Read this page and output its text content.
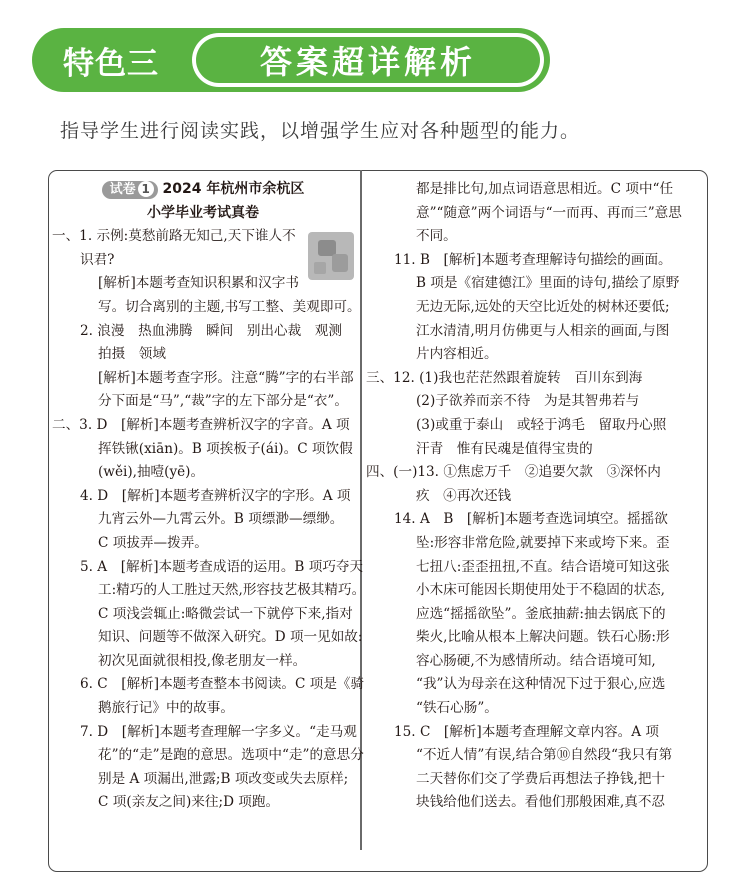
特色三	答案超详解析
指导学生进行阅读实践，以增强学生应对各种题型的能力。
试卷 1 2024 年杭州市余杭区
小学毕业考试真卷
一、1. 示例:莫愁前路无知己,天下谁人不
识君?
[解析]本题考查知识积累和汉字书
写。切合离别的主题,书写工整、美观即可。
2. 浪漫　热血沸腾　瞬间　别出心裁　观测
拍摄　领域
[解析]本题考查字形。注意“腾”字的右半部
分下面是“马”,“裁”字的左下部分是“衣”。
二、3. D　[解析]本题考查辨析汉字的字音。A 项
挥铁锹(xiān)。B 项挨板子(ái)。C 项饮假
(wěi),抽噎(yē)。
4. D　[解析]本题考查辨析汉字的字形。A 项
九宵云外—九霄云外。B 项缥渺—缥缈。
C 项拔弄—拨弄。
5. A　[解析]本题考查成语的运用。B 项巧夺天
工:精巧的人工胜过天然,形容技艺极其精巧。
C 项浅尝辄止:略微尝试一下就停下来,指对
知识、问题等不做深入研究。D 项一见如故:
初次见面就很相投,像老朋友一样。
6. C　[解析]本题考查整本书阅读。C 项是《骑
鹅旅行记》中的故事。
7. D　[解析]本题考查理解一字多义。“走马观
花”的“走”是跑的意思。选项中“走”的意思分
别是 A 项漏出,泄露;B 项改变或失去原样;
C 项(亲友之间)来往;D 项跑。
都是排比句,加点词语意思相近。C 项中“任
意”“随意”两个词语与“一而再、再而三”意思
不同。
11. B　[解析]本题考查理解诗句描绘的画面。
B 项是《宿建德江》里面的诗句,描绘了原野
无边无际,远处的天空比近处的树林还要低;
江水清清,明月仿佛更与人相亲的画面,与图
片内容相近。
三、12. (1)我也茫茫然跟着旋转　百川东到海
(2)子欲养而亲不待　为是其智弗若与
(3)或重于泰山　或轻于鸿毛　留取丹心照
汗青　惟有民魂是值得宝贵的
四、(一)13. ①焦虑万千　②追要欠款　③深怀内
疚　④再次还钱
14. A　B　[解析]本题考查选词填空。摇摇欲
坠:形容非常危险,就要掉下来或垮下来。歪
七扭八:歪歪扭扭,不直。结合语境可知这张
小木床可能因长期使用处于不稳固的状态,
应选“摇摇欲坠”。釜底抽薪:抽去锅底下的
柴火,比喻从根本上解决问题。铁石心肠:形
容心肠硬,不为感情所动。结合语境可知,
“我”认为母亲在这种情况下过于狠心,应选
“铁石心肠”。
15. C　[解析]本题考查理解文章内容。A 项
“不近人情”有误,结合第⑩自然段“我只有第
二天替你们交了学费后再想法子挣钱,把十
块钱给他们送去。看他们那般困难,真不忍
